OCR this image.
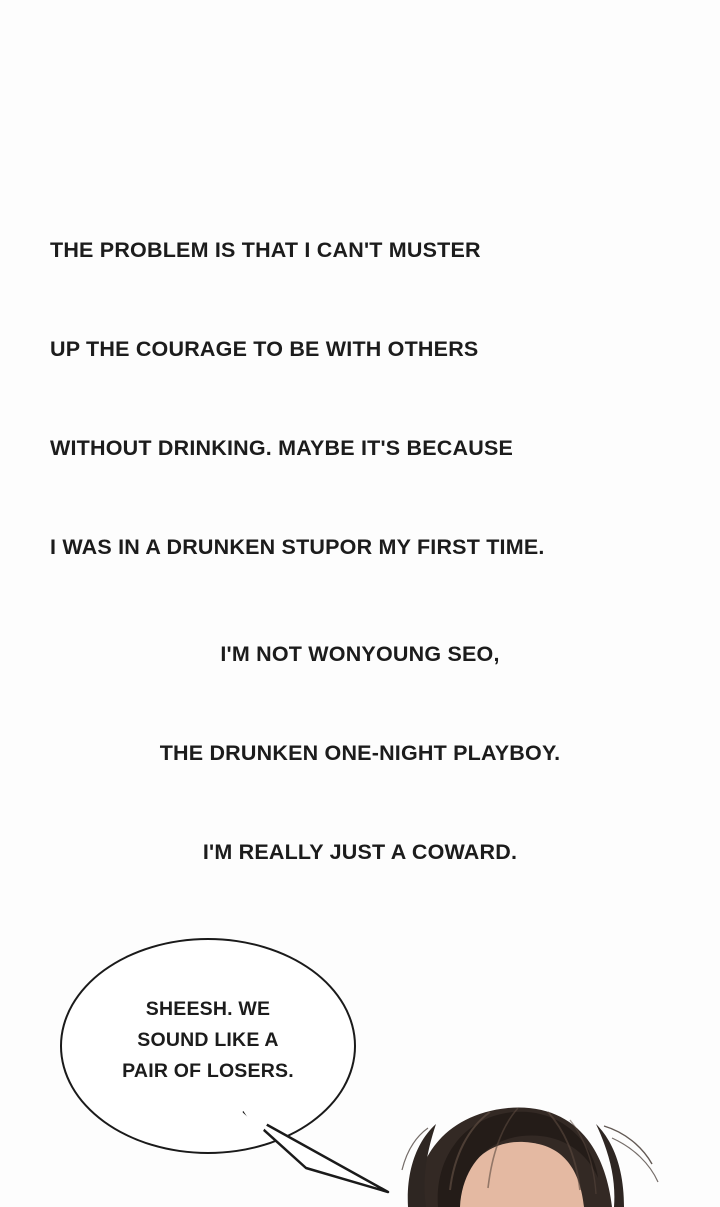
THE PROBLEM IS THAT I CAN'T MUSTER

UP THE COURAGE TO BE WITH OTHERS

WITHOUT DRINKING. MAYBE IT'S BECAUSE

I WAS IN A DRUNKEN STUPOR MY FIRST TIME.

I'M NOT WONYOUNG SEO,

THE DRUNKEN ONE-NIGHT PLAYBOY.

I'M REALLY JUST A COWARD.

SHEESH. WE
SOUND LIKE A
PAIR OF LOSERS.
